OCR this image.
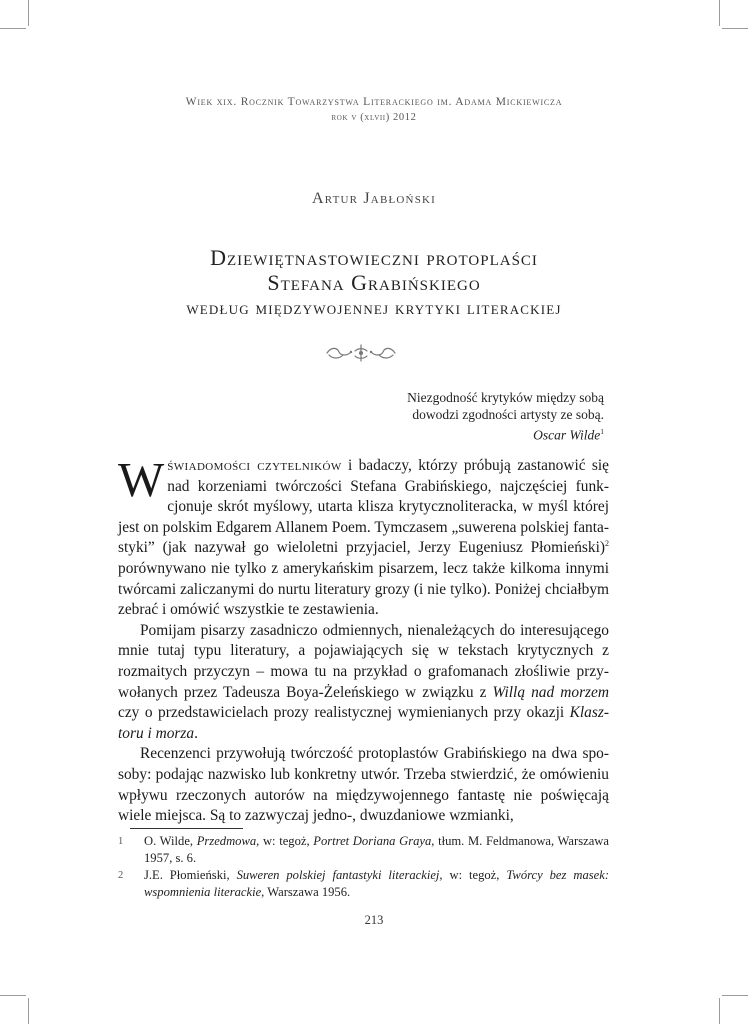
Wiek xix. Rocznik Towarzystwa Literackiego im. Adama Mickiewicza
rok v (xlvii) 2012
Artur Jabłoński
Dziewiętnastowieczni protoplaści
Stefana Grabińskiego
według międzywojennej krytyki literackiej
Niezgodność krytyków między sobą
dowodzi zgodności artysty ze sobą.
Oscar Wilde$^1$

Wświadomości czytelników i badaczy, którzy próbują zastanowić się nad korzeniami twórczości Stefana Grabińskiego, najczęściej funkcjonuje skrót myślowy, utarta klisza krytycznoliteracka, w myśl której jest on polskim Edgarem Allanem Poem. Tymczasem „suwerena polskiej fantastyki” (jak nazywał go wieloletni przyjaciel, Jerzy Eugeniusz Płomieński)$^2$ porównywano nie tylko z amerykańskim pisarzem, lecz także kilkoma innymi twórcami zaliczanymi do nurtu literatury grozy (i nie tylko). Poniżej chciałbym zebrać i omówić wszystkie te zestawienia.

Pomijam pisarzy zasadniczo odmiennych, nienależących do interesującego mnie tutaj typu literatury, a pojawiających się w tekstach krytycznych z rozmaitych przyczyn – mowa tu na przykład o grafomanach złośliwie przywołanych przez Tadeusza Boya-Żeleńskiego w związku z Willą nad morzem czy o przedstawicielach prozy realistycznej wymienianych przy okazji Klasztoru i morza.

Recenzenci przywołują twórczość protoplastów Grabińskiego na dwa sposoby: podając nazwisko lub konkretny utwór. Trzeba stwierdzić, że omówieniu wpływu rzeczonych autorów na międzywojennego fantastę nie poświęcają wiele miejsca. Są to zazwyczaj jedno-, dwuzdaniowe wzmianki,

1	O. Wilde, Przedmowa, w: tegoż, Portret Doriana Graya, tłum. M. Feldmanowa, Warszawa 1957, s. 6.
2	J.E. Płomieński, Suweren polskiej fantastyki literackiej, w: tegoż, Twórcy bez masek: wspomnienia literackie, Warszawa 1956.
213
